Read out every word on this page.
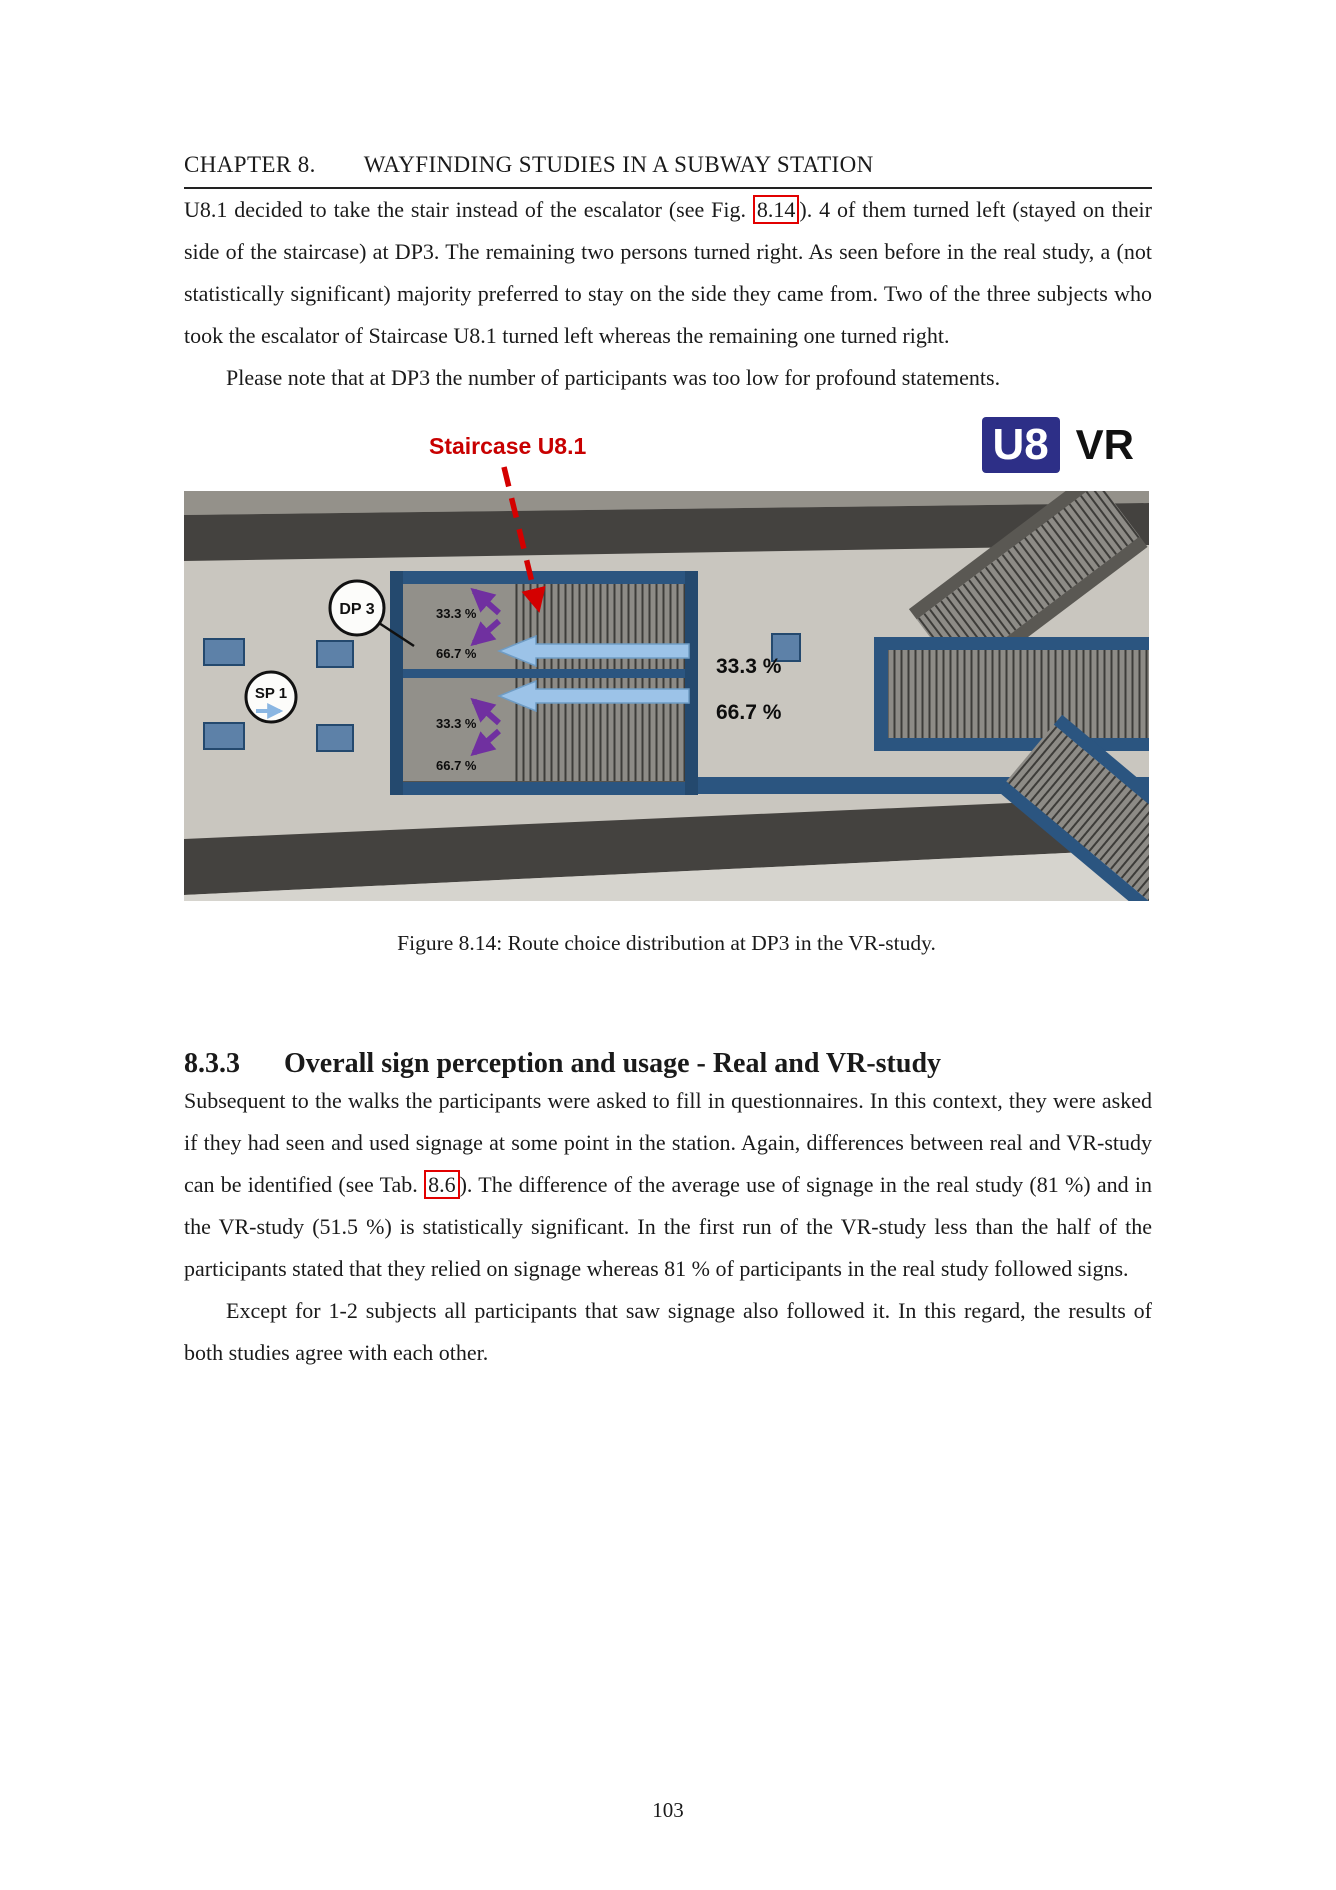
CHAPTER 8. WAYFINDING STUDIES IN A SUBWAY STATION

U8.1 decided to take the stair instead of the escalator (see Fig. 8.14 ). 4 of them turned left (stayed on their side of the staircase) at DP3. The remaining two persons turned right. As seen before in the real study, a (not statistically significant) majority preferred to stay on the side they came from. Two of the three subjects who took the escalator of Staircase U8.1 turned left whereas the remaining one turned right.

Please note that at DP3 the number of participants was too low for profound statements.

Staircase U8.1	U8 VR
33.3 %
66.7 %
33.3 %
66.7 %
33.3 %
66.7 %
DP 3
SP 1
Figure 8.14: Route choice distribution at DP3 in the VR-study.
8.3.3 Overall sign perception and usage - Real and VR-study

Subsequent to the walks the participants were asked to fill in questionnaires. In this context, they were asked if they had seen and used signage at some point in the station. Again, differences between real and VR-study can be identified (see Tab. 8.6 ). The difference of the average use of signage in the real study (81 %) and in the VR-study (51.5 %) is statistically significant. In the first run of the VR-study less than the half of the participants stated that they relied on signage whereas 81 % of participants in the real study followed signs.

Except for 1-2 subjects all participants that saw signage also followed it. In this regard, the results of both studies agree with each other.

103
